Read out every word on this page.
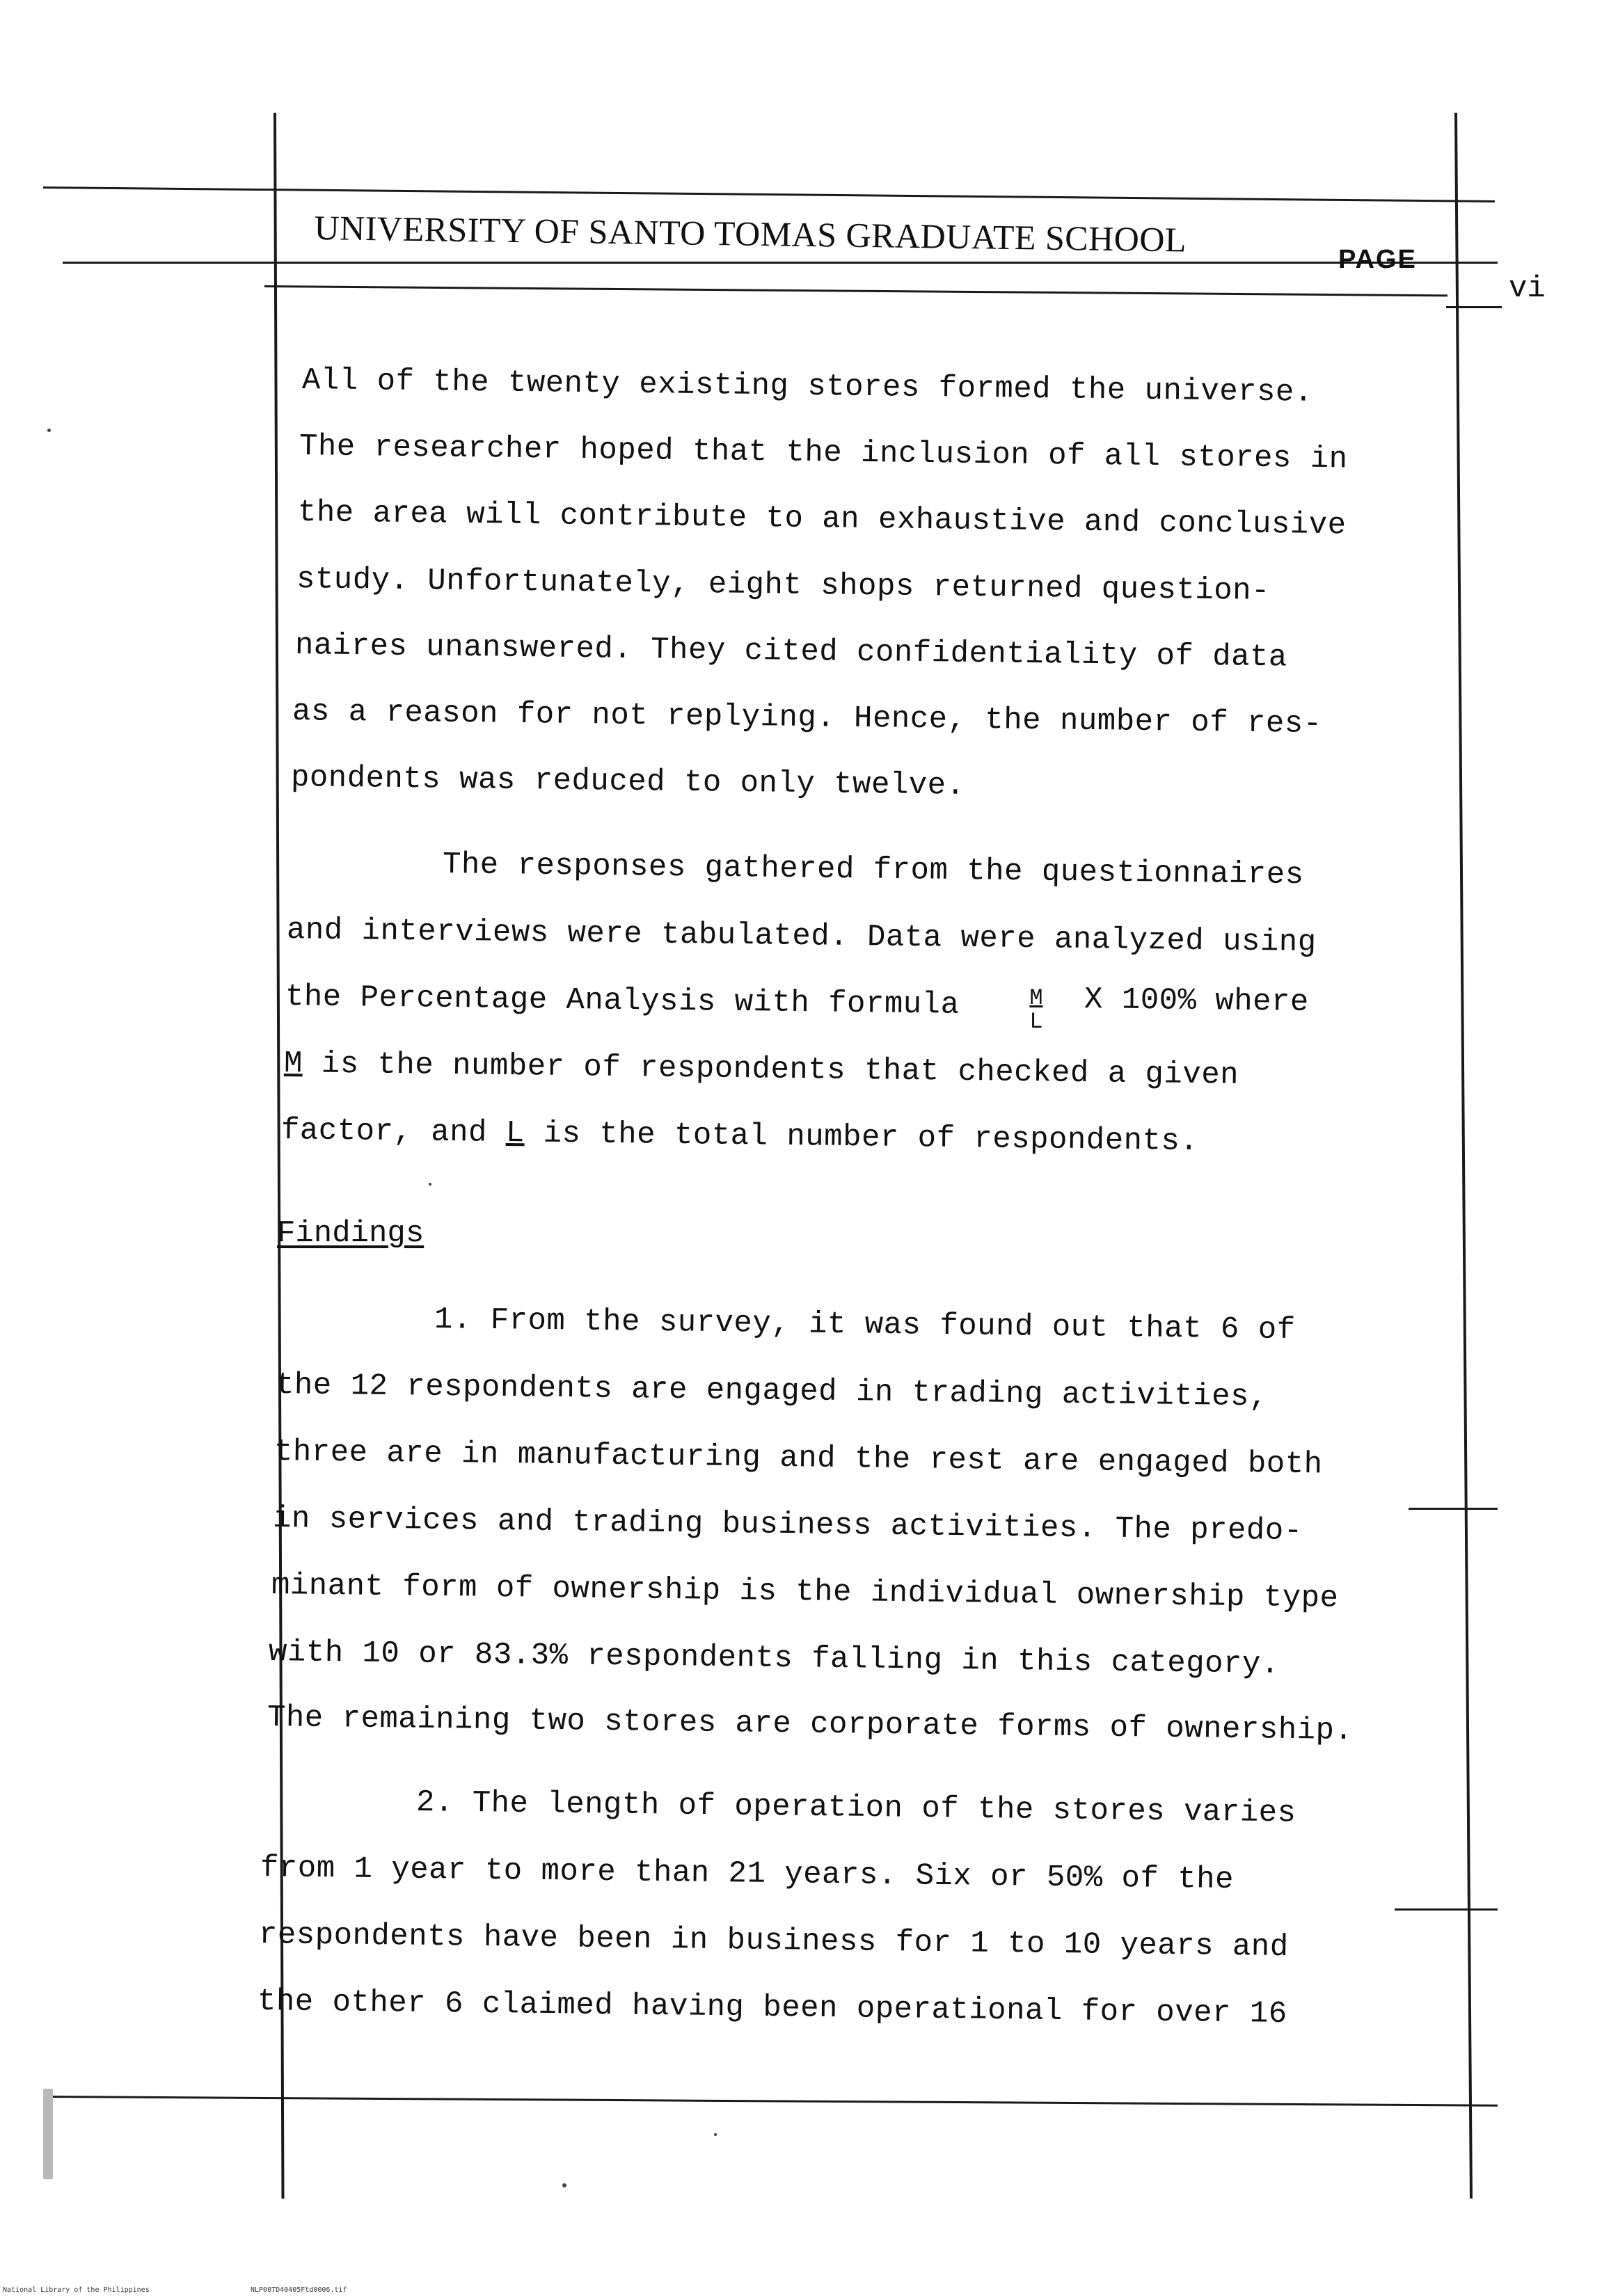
UNIVERSITY OF SANTO TOMAS GRADUATE SCHOOL
PAGE
vi
All of the twenty existing stores formed the universe.
The researcher hoped that the inclusion of all stores in
the area will contribute to an exhaustive and conclusive
study. Unfortunately, eight shops returned question-
naires unanswered. They cited confidentiality of data
as a reason for not replying. Hence, the number of res-
pondents was reduced to only twelve.
The responses gathered from the questionnaires
and interviews were tabulated. Data were analyzed using
the Percentage Analysis with formula	$\frac{M}{L}$ X 100% where
M is the number of respondents that checked a given
factor, and L is the total number of respondents.
Findings
1. From the survey, it was found out that 6 of
the 12 respondents are engaged in trading activities,
three are in manufacturing and the rest are engaged both
in services and trading business activities. The predo-
minant form of ownership is the individual ownership type
with 10 or 83.3% respondents falling in this category.
The remaining two stores are corporate forms of ownership.
2. The length of operation of the stores varies
from 1 year to more than 21 years. Six or 50% of the
respondents have been in business for 1 to 10 years and
the other 6 claimed having been operational for over 16
National Library of the Philippines	NLP00TD40405Ftd0006.tif
